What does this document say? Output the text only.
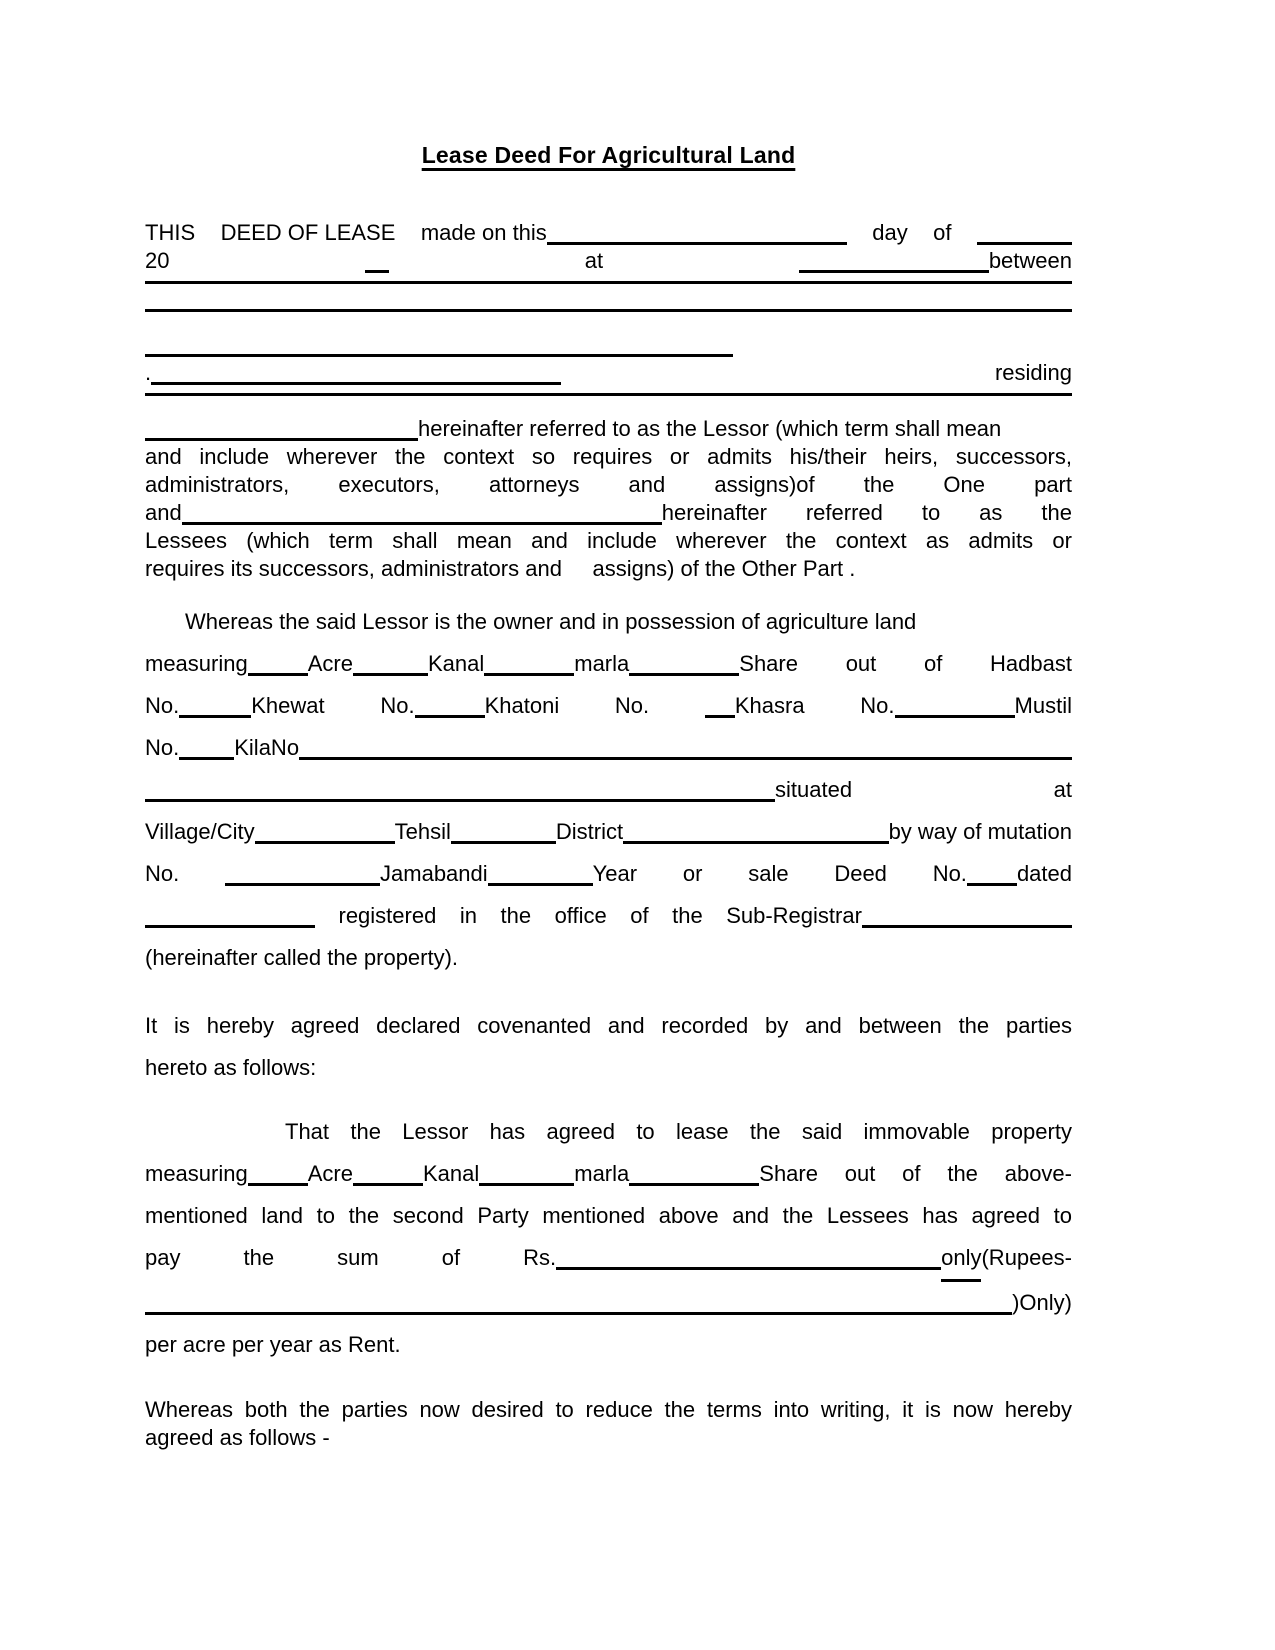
Lease Deed For Agricultural Land
THIS DEED OF LEASE made on this	day of
20	at	between
.	residing
hereinafter referred to as the Lessor (which term shall mean
and include wherever the context so requires or admits his/their heirs, successors,
administrators, executors, attorneys and assigns)of the One part
and	hereinafter referred to as the
Lessees (which term shall mean and include wherever the context as admits or
requires its successors, administrators and     assigns) of the Other Part .
Whereas the said Lessor is the owner and in possession of agriculture land
measuring	Acre	Kanal	marla	Share out of Hadbast
No.	Khewat	No.	Khatoni	No.	Khasra	No.	Mustil
No.	KilaNo
situated	at
Village/City	Tehsil	District	by way of mutation
No.	Jamabandi	Year or sale Deed No. dated
registered in the office of the Sub-Registrar
(hereinafter called the property).
It is hereby agreed declared covenanted and recorded by and between the parties
hereto as follows:
That the Lessor has agreed to lease the said immovable property
measuring	Acre	Kanal	marla	Share out of the above-
mentioned land to the second Party mentioned above and the Lessees has agreed to
pay	the	sum	of	Rs.	only(Rupees-
)Only)
per acre per year as Rent.
Whereas both the parties now desired to reduce the terms into writing, it is now hereby
agreed as follows -
